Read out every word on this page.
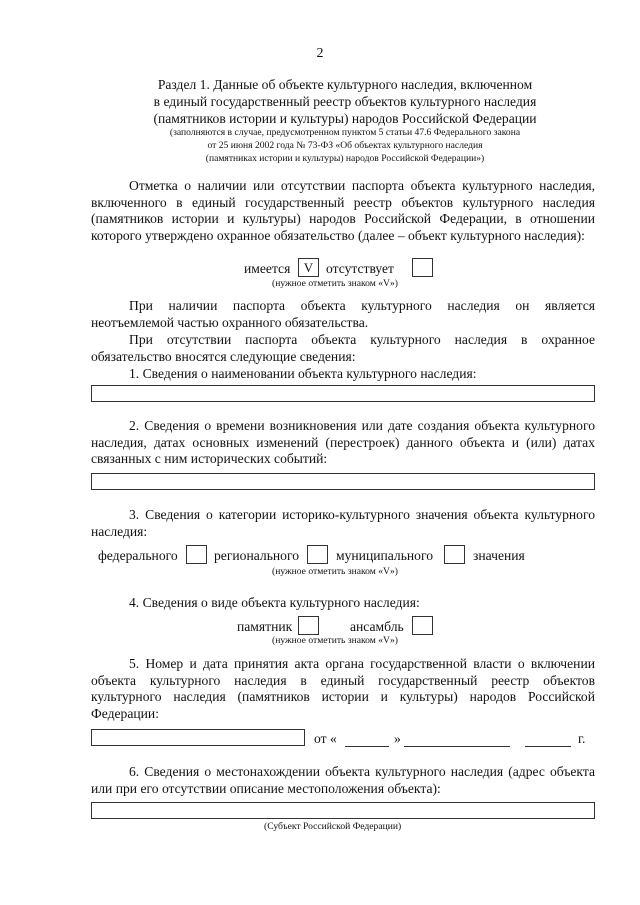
2
Раздел 1. Данные об объекте культурного наследия, включенном
в единый государственный реестр объектов культурного наследия
(памятников истории и культуры) народов Российской Федерации
(заполняются в случае, предусмотренном пунктом 5 статьи 47.6 Федерального закона
от 25 июня 2002 года № 73-ФЗ «Об объектах культурного наследия
(памятниках истории и культуры) народов Российской Федерации»)
Отметка о наличии или отсутствии паспорта объекта культурного наследия, включенного в единый государственный реестр объектов культурного наследия (памятников истории и культуры) народов Российской Федерации, в отношении которого утверждено охранное обязательство (далее – объект культурного наследия):
имеется	V отсутствует
(нужное отметить знаком «V»)
При наличии паспорта объекта культурного наследия он является неотъемлемой частью охранного обязательства.
При отсутствии паспорта объекта культурного наследия в охранное обязательство вносятся следующие сведения:
1. Сведения о наименовании объекта культурного наследия:
2. Сведения о времени возникновения или дате создания объекта культурного наследия, датах основных изменений (перестроек) данного объекта и (или) датах связанных с ним исторических событий:
3. Сведения о категории историко-культурного значения объекта культурного наследия:
федерального	регионального	муниципального	значения
(нужное отметить знаком «V»)
4. Сведения о виде объекта культурного наследия:
памятник	ансамбль
(нужное отметить знаком «V»)
5. Номер и дата принятия акта органа государственной власти о включении объекта культурного наследия в единый государственный реестр объектов культурного наследия (памятников истории и культуры) народов Российской Федерации:
от «	»	г.
6. Сведения о местонахождении объекта культурного наследия (адрес объекта или при его отсутствии описание местоположения объекта):
(Субъект Российской Федерации)
